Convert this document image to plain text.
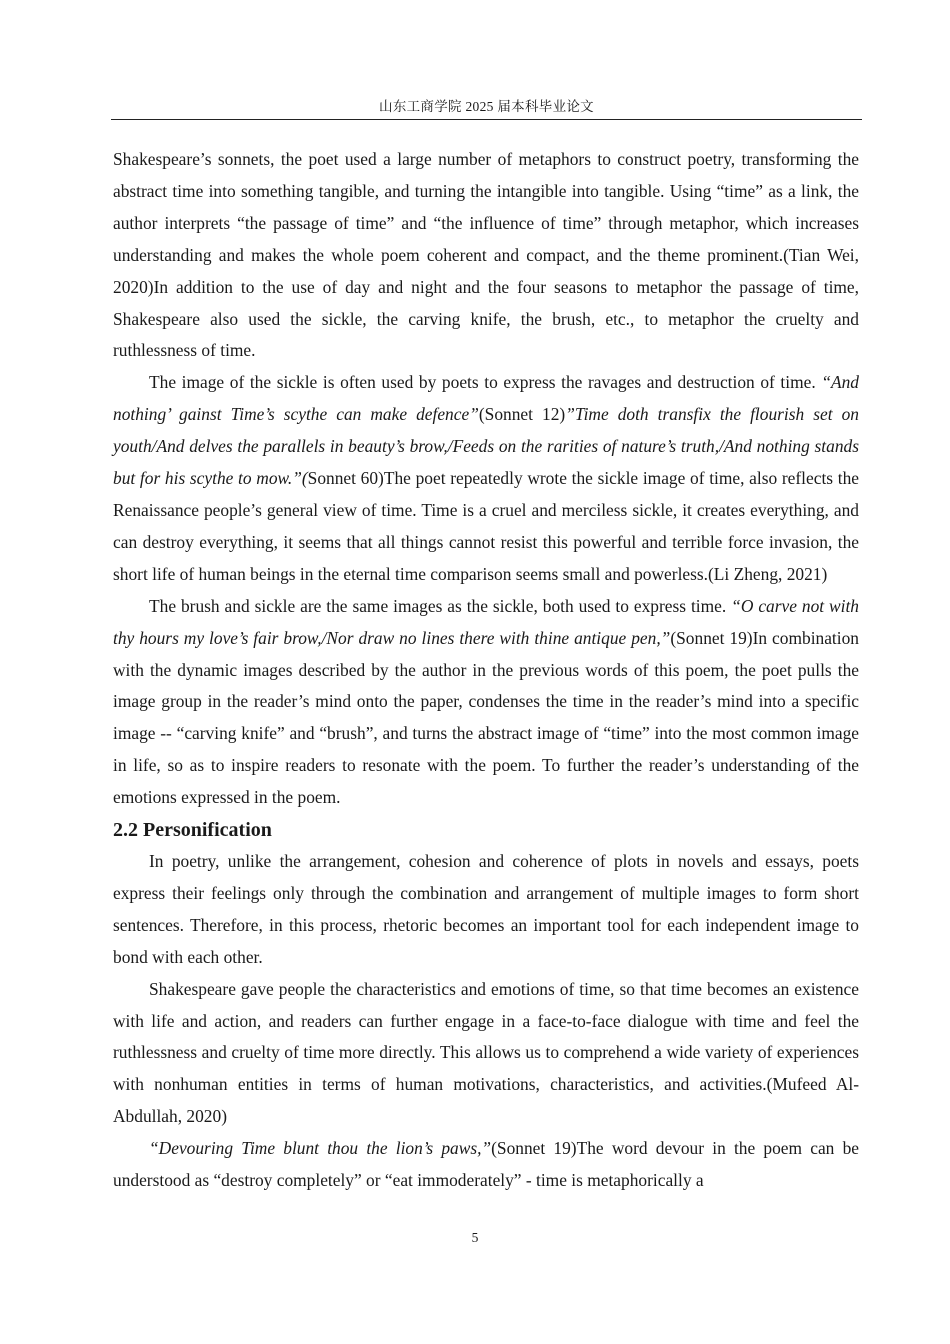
山东工商学院 2025 届本科毕业论文

Shakespeare’s sonnets, the poet used a large number of metaphors to construct poetry, transforming the abstract time into something tangible, and turning the intangible into tangible. Using “time” as a link, the author interprets “the passage of time” and “the influence of time” through metaphor, which increases understanding and makes the whole poem coherent and compact, and the theme prominent.(Tian Wei, 2020)In addition to the use of day and night and the four seasons to metaphor the passage of time, Shakespeare also used the sickle, the carving knife, the brush, etc., to metaphor the cruelty and ruthlessness of time.

The image of the sickle is often used by poets to express the ravages and destruction of time. “And nothing’ gainst Time’s scythe can make defence”(Sonnet 12)”Time doth transfix the flourish set on youth/And delves the parallels in beauty’s brow,/Feeds on the rarities of nature’s truth,/And nothing stands but for his scythe to mow.”(Sonnet 60)The poet repeatedly wrote the sickle image of time, also reflects the Renaissance people’s general view of time. Time is a cruel and merciless sickle, it creates everything, and can destroy everything, it seems that all things cannot resist this powerful and terrible force invasion, the short life of human beings in the eternal time comparison seems small and powerless.(Li Zheng, 2021)

The brush and sickle are the same images as the sickle, both used to express time. “O carve not with thy hours my love’s fair brow,/Nor draw no lines there with thine antique pen,”(Sonnet 19)In combination with the dynamic images described by the author in the previous words of this poem, the poet pulls the image group in the reader’s mind onto the paper, condenses the time in the reader’s mind into a specific image -- “carving knife” and “brush”, and turns the abstract image of “time” into the most common image in life, so as to inspire readers to resonate with the poem. To further the reader’s understanding of the emotions expressed in the poem.

2.2 Personification

In poetry, unlike the arrangement, cohesion and coherence of plots in novels and essays, poets express their feelings only through the combination and arrangement of multiple images to form short sentences. Therefore, in this process, rhetoric becomes an important tool for each independent image to bond with each other.

Shakespeare gave people the characteristics and emotions of time, so that time becomes an existence with life and action, and readers can further engage in a face-to-face dialogue with time and feel the ruthlessness and cruelty of time more directly. This allows us to comprehend a wide variety of experiences with nonhuman entities in terms of human motivations, characteristics, and activities.(Mufeed Al-Abdullah, 2020)

“Devouring Time blunt thou the lion’s paws,”(Sonnet 19)The word devour in the poem can be understood as “destroy completely” or “eat immoderately” - time is metaphorically a

5
